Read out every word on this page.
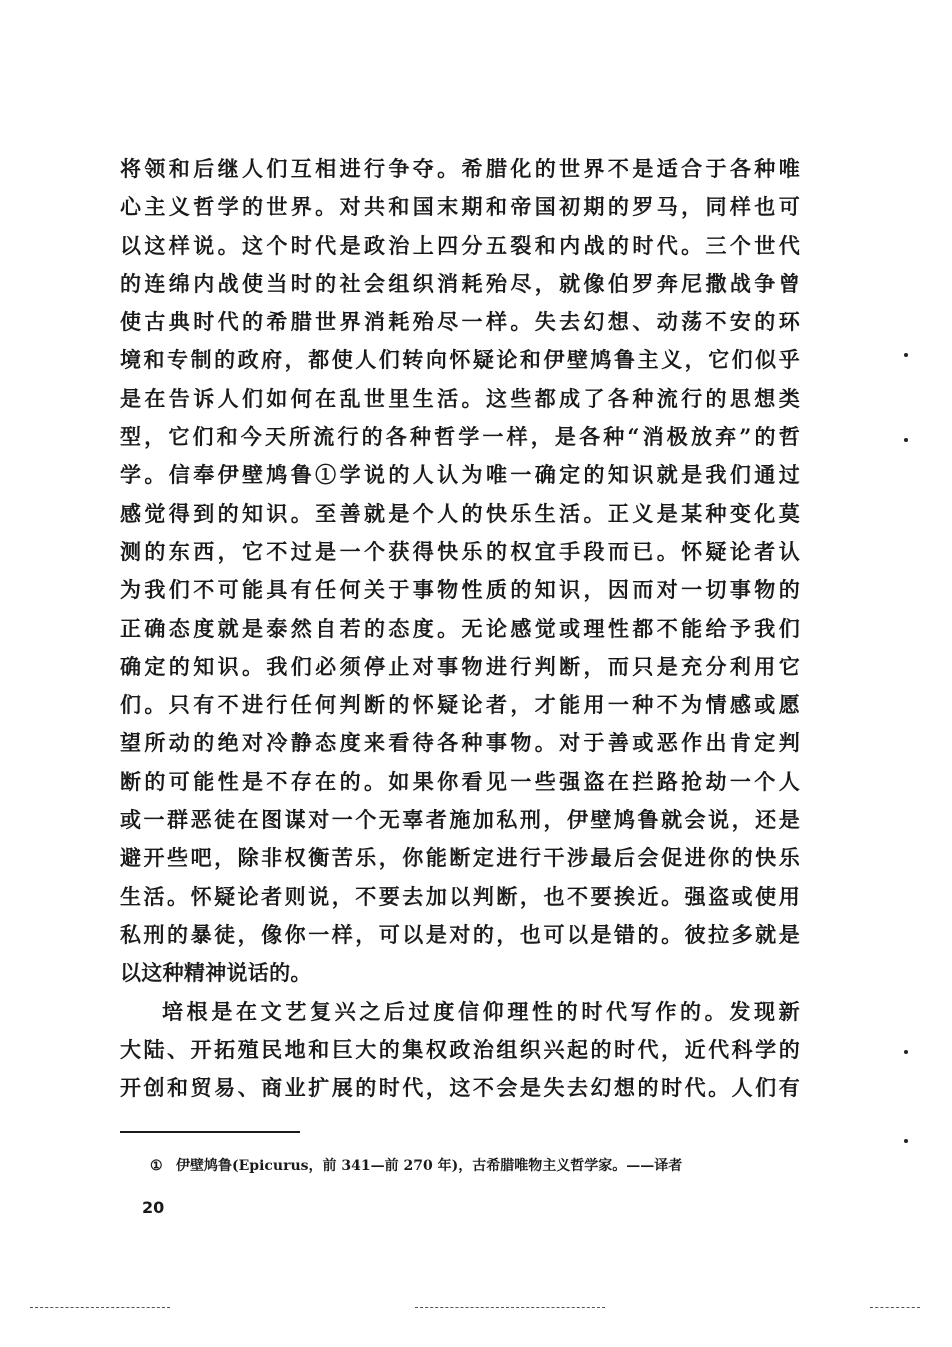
将领和后继人们互相进行争夺。希腊化的世界不是适合于各种唯
心主义哲学的世界。对共和国末期和帝国初期的罗马，同样也可
以这样说。这个时代是政治上四分五裂和内战的时代。三个世代
的连绵内战使当时的社会组织消耗殆尽，就像伯罗奔尼撒战争曾
使古典时代的希腊世界消耗殆尽一样。失去幻想、动荡不安的环
境和专制的政府，都使人们转向怀疑论和伊壁鸠鲁主义，它们似乎
是在告诉人们如何在乱世里生活。这些都成了各种流行的思想类
型，它们和今天所流行的各种哲学一样，是各种“消极放弃”的哲
学。信奉伊壁鸠鲁①学说的人认为唯一确定的知识就是我们通过
感觉得到的知识。至善就是个人的快乐生活。正义是某种变化莫
测的东西，它不过是一个获得快乐的权宜手段而已。怀疑论者认
为我们不可能具有任何关于事物性质的知识，因而对一切事物的
正确态度就是泰然自若的态度。无论感觉或理性都不能给予我们
确定的知识。我们必须停止对事物进行判断，而只是充分利用它
们。只有不进行任何判断的怀疑论者，才能用一种不为情感或愿
望所动的绝对冷静态度来看待各种事物。对于善或恶作出肯定判
断的可能性是不存在的。如果你看见一些强盗在拦路抢劫一个人
或一群恶徒在图谋对一个无辜者施加私刑，伊壁鸠鲁就会说，还是
避开些吧，除非权衡苦乐，你能断定进行干涉最后会促进你的快乐
生活。怀疑论者则说，不要去加以判断，也不要挨近。强盗或使用
私刑的暴徒，像你一样，可以是对的，也可以是错的。彼拉多就是
以这种精神说话的。
培根是在文艺复兴之后过度信仰理性的时代写作的。发现新
大陆、开拓殖民地和巨大的集权政治组织兴起的时代，近代科学的
开创和贸易、商业扩展的时代，这不会是失去幻想的时代。人们有
① 伊壁鸠鲁(Epicurus，前 341—前 270 年)，古希腊唯物主义哲学家。——译者
20
